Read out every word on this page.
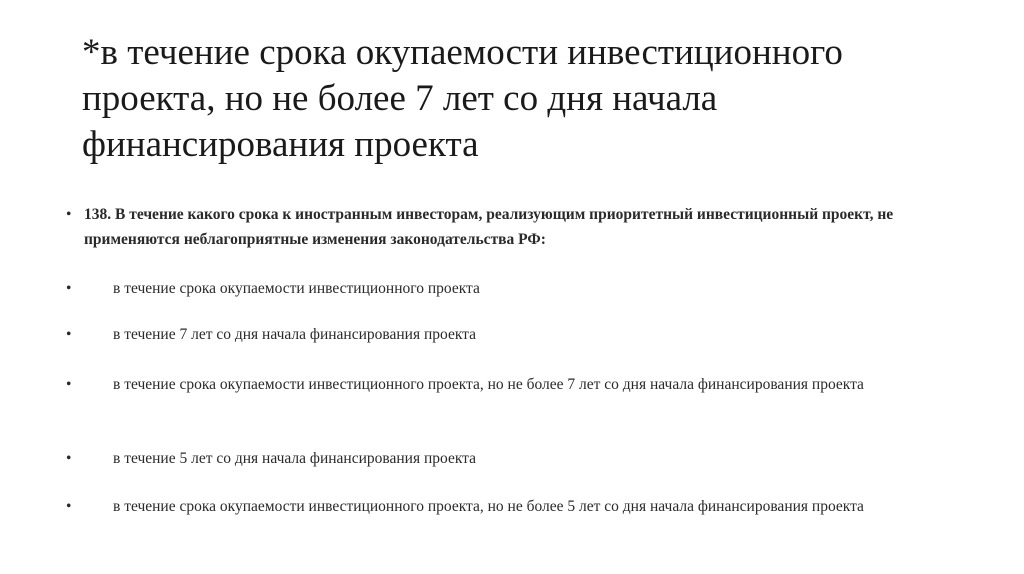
*в течение срока окупаемости инвестиционного проекта, но не более 7 лет со дня начала финансирования проекта
• 138. В течение какого срока к иностранным инвесторам, реализующим приоритетный инвестиционный проект, не применяются неблагоприятные изменения законодательства РФ:
•	в течение срока окупаемости инвестиционного проекта
•	в течение 7 лет со дня начала финансирования проекта
•	в течение срока окупаемости инвестиционного проекта, но не более 7 лет со дня начала финансирования проекта
•	в течение 5 лет со дня начала финансирования проекта
•	в течение срока окупаемости инвестиционного проекта, но не более 5 лет со дня начала финансирования проекта
